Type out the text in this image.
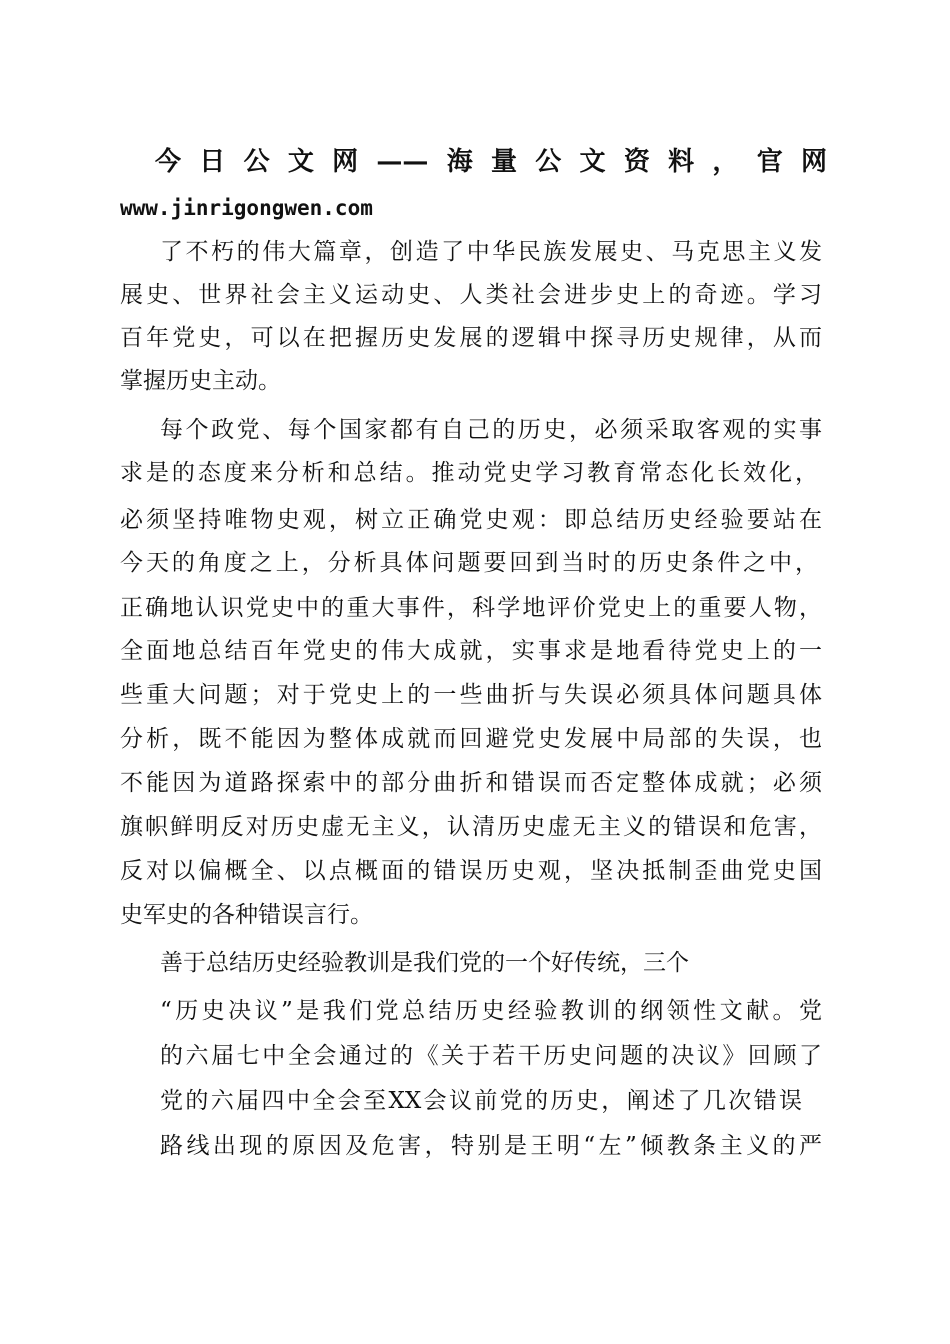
今日公文网——海量公文资料，官网
www.jinrigongwen.com
了不朽的伟大篇章，创造了中华民族发展史、马克思主义发
展史、世界社会主义运动史、人类社会进步史上的奇迹。学习
百年党史，可以在把握历史发展的逻辑中探寻历史规律，从而
掌握历史主动。
每个政党、每个国家都有自己的历史，必须采取客观的实事
求是的态度来分析和总结。推动党史学习教育常态化长效化，
必须坚持唯物史观，树立正确党史观：即总结历史经验要站在
今天的角度之上，分析具体问题要回到当时的历史条件之中，
正确地认识党史中的重大事件，科学地评价党史上的重要人物，
全面地总结百年党史的伟大成就，实事求是地看待党史上的一
些重大问题；对于党史上的一些曲折与失误必须具体问题具体
分析，既不能因为整体成就而回避党史发展中局部的失误，也
不能因为道路探索中的部分曲折和错误而否定整体成就；必须
旗帜鲜明反对历史虚无主义，认清历史虚无主义的错误和危害，
反对以偏概全、以点概面的错误历史观，坚决抵制歪曲党史国
史军史的各种错误言行。
善于总结历史经验教训是我们党的一个好传统，三个
“历史决议”是我们党总结历史经验教训的纲领性文献。党
的六届七中全会通过的《关于若干历史问题的决议》回顾了
党的六届四中全会至XX会议前党的历史，阐述了几次错误
路线出现的原因及危害，特别是王明“左”倾教条主义的严
